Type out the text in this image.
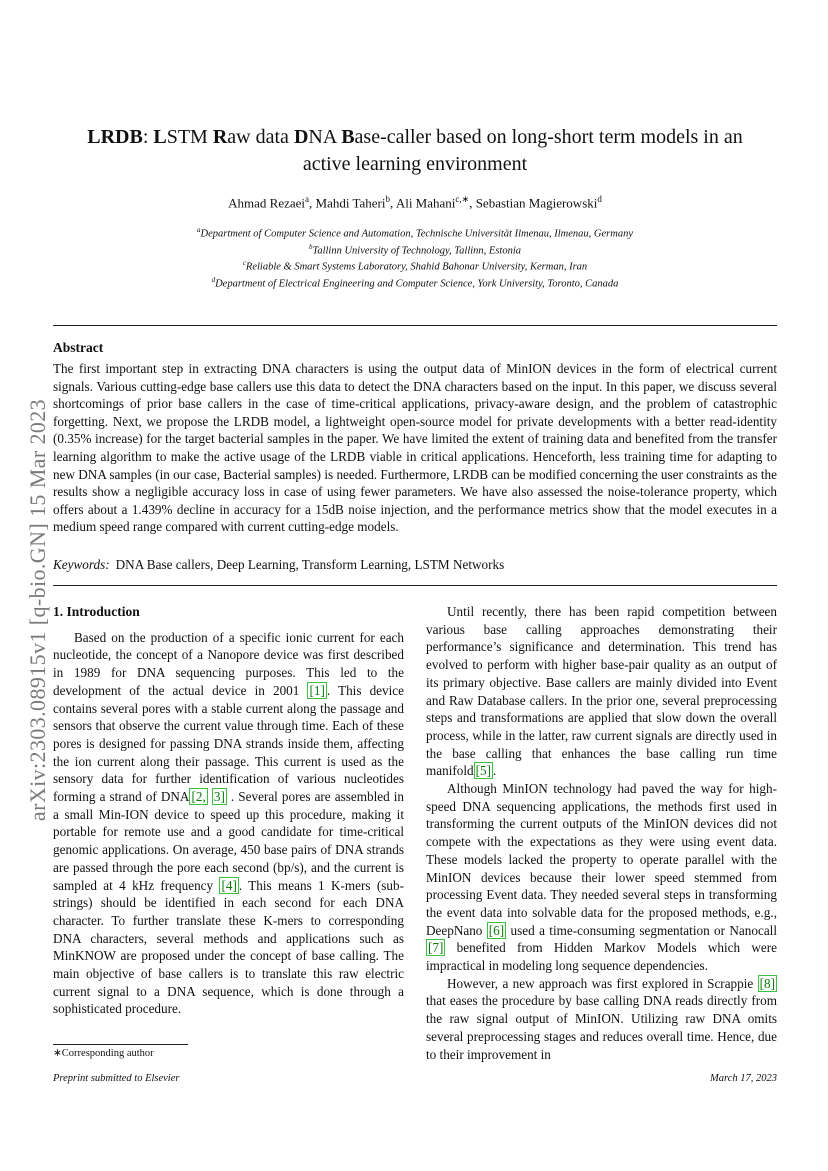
arXiv:2303.08915v1 [q-bio.GN] 15 Mar 2023
LRDB: LSTM Raw data DNA Base-caller based on long-short term models in an
active learning environment
Ahmad Rezaei$^a$, Mahdi Taheri$^b$, Ali Mahani$^{c,∗}$, Sebastian Magierowski$^d$
$^a$Department of Computer Science and Automation, Technische Universität Ilmenau, Ilmenau, Germany
$^b$Tallinn University of Technology, Tallinn, Estonia
$^c$Reliable & Smart Systems Laboratory, Shahid Bahonar University, Kerman, Iran
$^d$Department of Electrical Engineering and Computer Science, York University, Toronto, Canada
Abstract
The first important step in extracting DNA characters is using the output data of MinION devices in the form of electrical current signals. Various cutting-edge base callers use this data to detect the DNA characters based on the input. In this paper, we discuss several shortcomings of prior base callers in the case of time-critical applications, privacy-aware design, and the problem of catastrophic forgetting. Next, we propose the LRDB model, a lightweight open-source model for private developments with a better read-identity (0.35% increase) for the target bacterial samples in the paper. We have limited the extent of training data and benefited from the transfer learning algorithm to make the active usage of the LRDB viable in critical applications. Henceforth, less training time for adapting to new DNA samples (in our case, Bacterial samples) is needed. Furthermore, LRDB can be modified concerning the user constraints as the results show a negligible accuracy loss in case of using fewer parameters. We have also assessed the noise-tolerance property, which offers about a 1.439% decline in accuracy for a 15dB noise injection, and the performance metrics show that the model executes in a medium speed range compared with current cutting-edge models.
Keywords: DNA Base callers, Deep Learning, Transform Learning, LSTM Networks
1. Introduction

Based on the production of a specific ionic current for each nucleotide, the concept of a Nanopore device was first described in 1989 for DNA sequencing purposes. This led to the development of the actual device in 2001 [1] . This device contains several pores with a stable current along the passage and sensors that observe the current value through time. Each of these pores is designed for passing DNA strands inside them, affecting the ion current along their passage. This current is used as the sensory data for further identification of various nucleotides forming a strand of DNA [2, 3] . Several pores are assembled in a small Min-ION device to speed up this procedure, making it portable for remote use and a good candidate for time-critical genomic applications. On average, 450 base pairs of DNA strands are passed through the pore each second (bp/s), and the current is sampled at 4 kHz frequency [4] . This means 1 K-mers (sub-strings) should be identified in each second for each DNA character. To further translate these K-mers to corresponding DNA characters, several methods and applications such as MinKNOW are proposed under the concept of base calling. The main objective of base callers is to translate this raw electric current signal to a DNA sequence, which is done through a sophisticated procedure.

Until recently, there has been rapid competition between various base calling approaches demonstrating their performance’s significance and determination. This trend has evolved to perform with higher base-pair quality as an output of its primary objective. Base callers are mainly divided into Event and Raw Database callers. In the prior one, several preprocessing steps and transformations are applied that slow down the overall process, while in the latter, raw current signals are directly used in the base calling that enhances the base calling run time manifold [5] .

Although MinION technology had paved the way for high-speed DNA sequencing applications, the methods first used in transforming the current outputs of the MinION devices did not compete with the expectations as they were using event data. These models lacked the property to operate parallel with the MinION devices because their lower speed stemmed from processing Event data. They needed several steps in transforming the event data into solvable data for the proposed methods, e.g., DeepNano [6] used a time-consuming segmentation or Nanocall [7] benefited from Hidden Markov Models which were impractical in modeling long sequence dependencies.

However, a new approach was first explored in Scrappie [8] that eases the procedure by base calling DNA reads directly from the raw signal output of MinION. Utilizing raw DNA omits several preprocessing stages and reduces overall time. Hence, due to their improvement in

∗Corresponding author
Preprint submitted to Elsevier	March 17, 2023
